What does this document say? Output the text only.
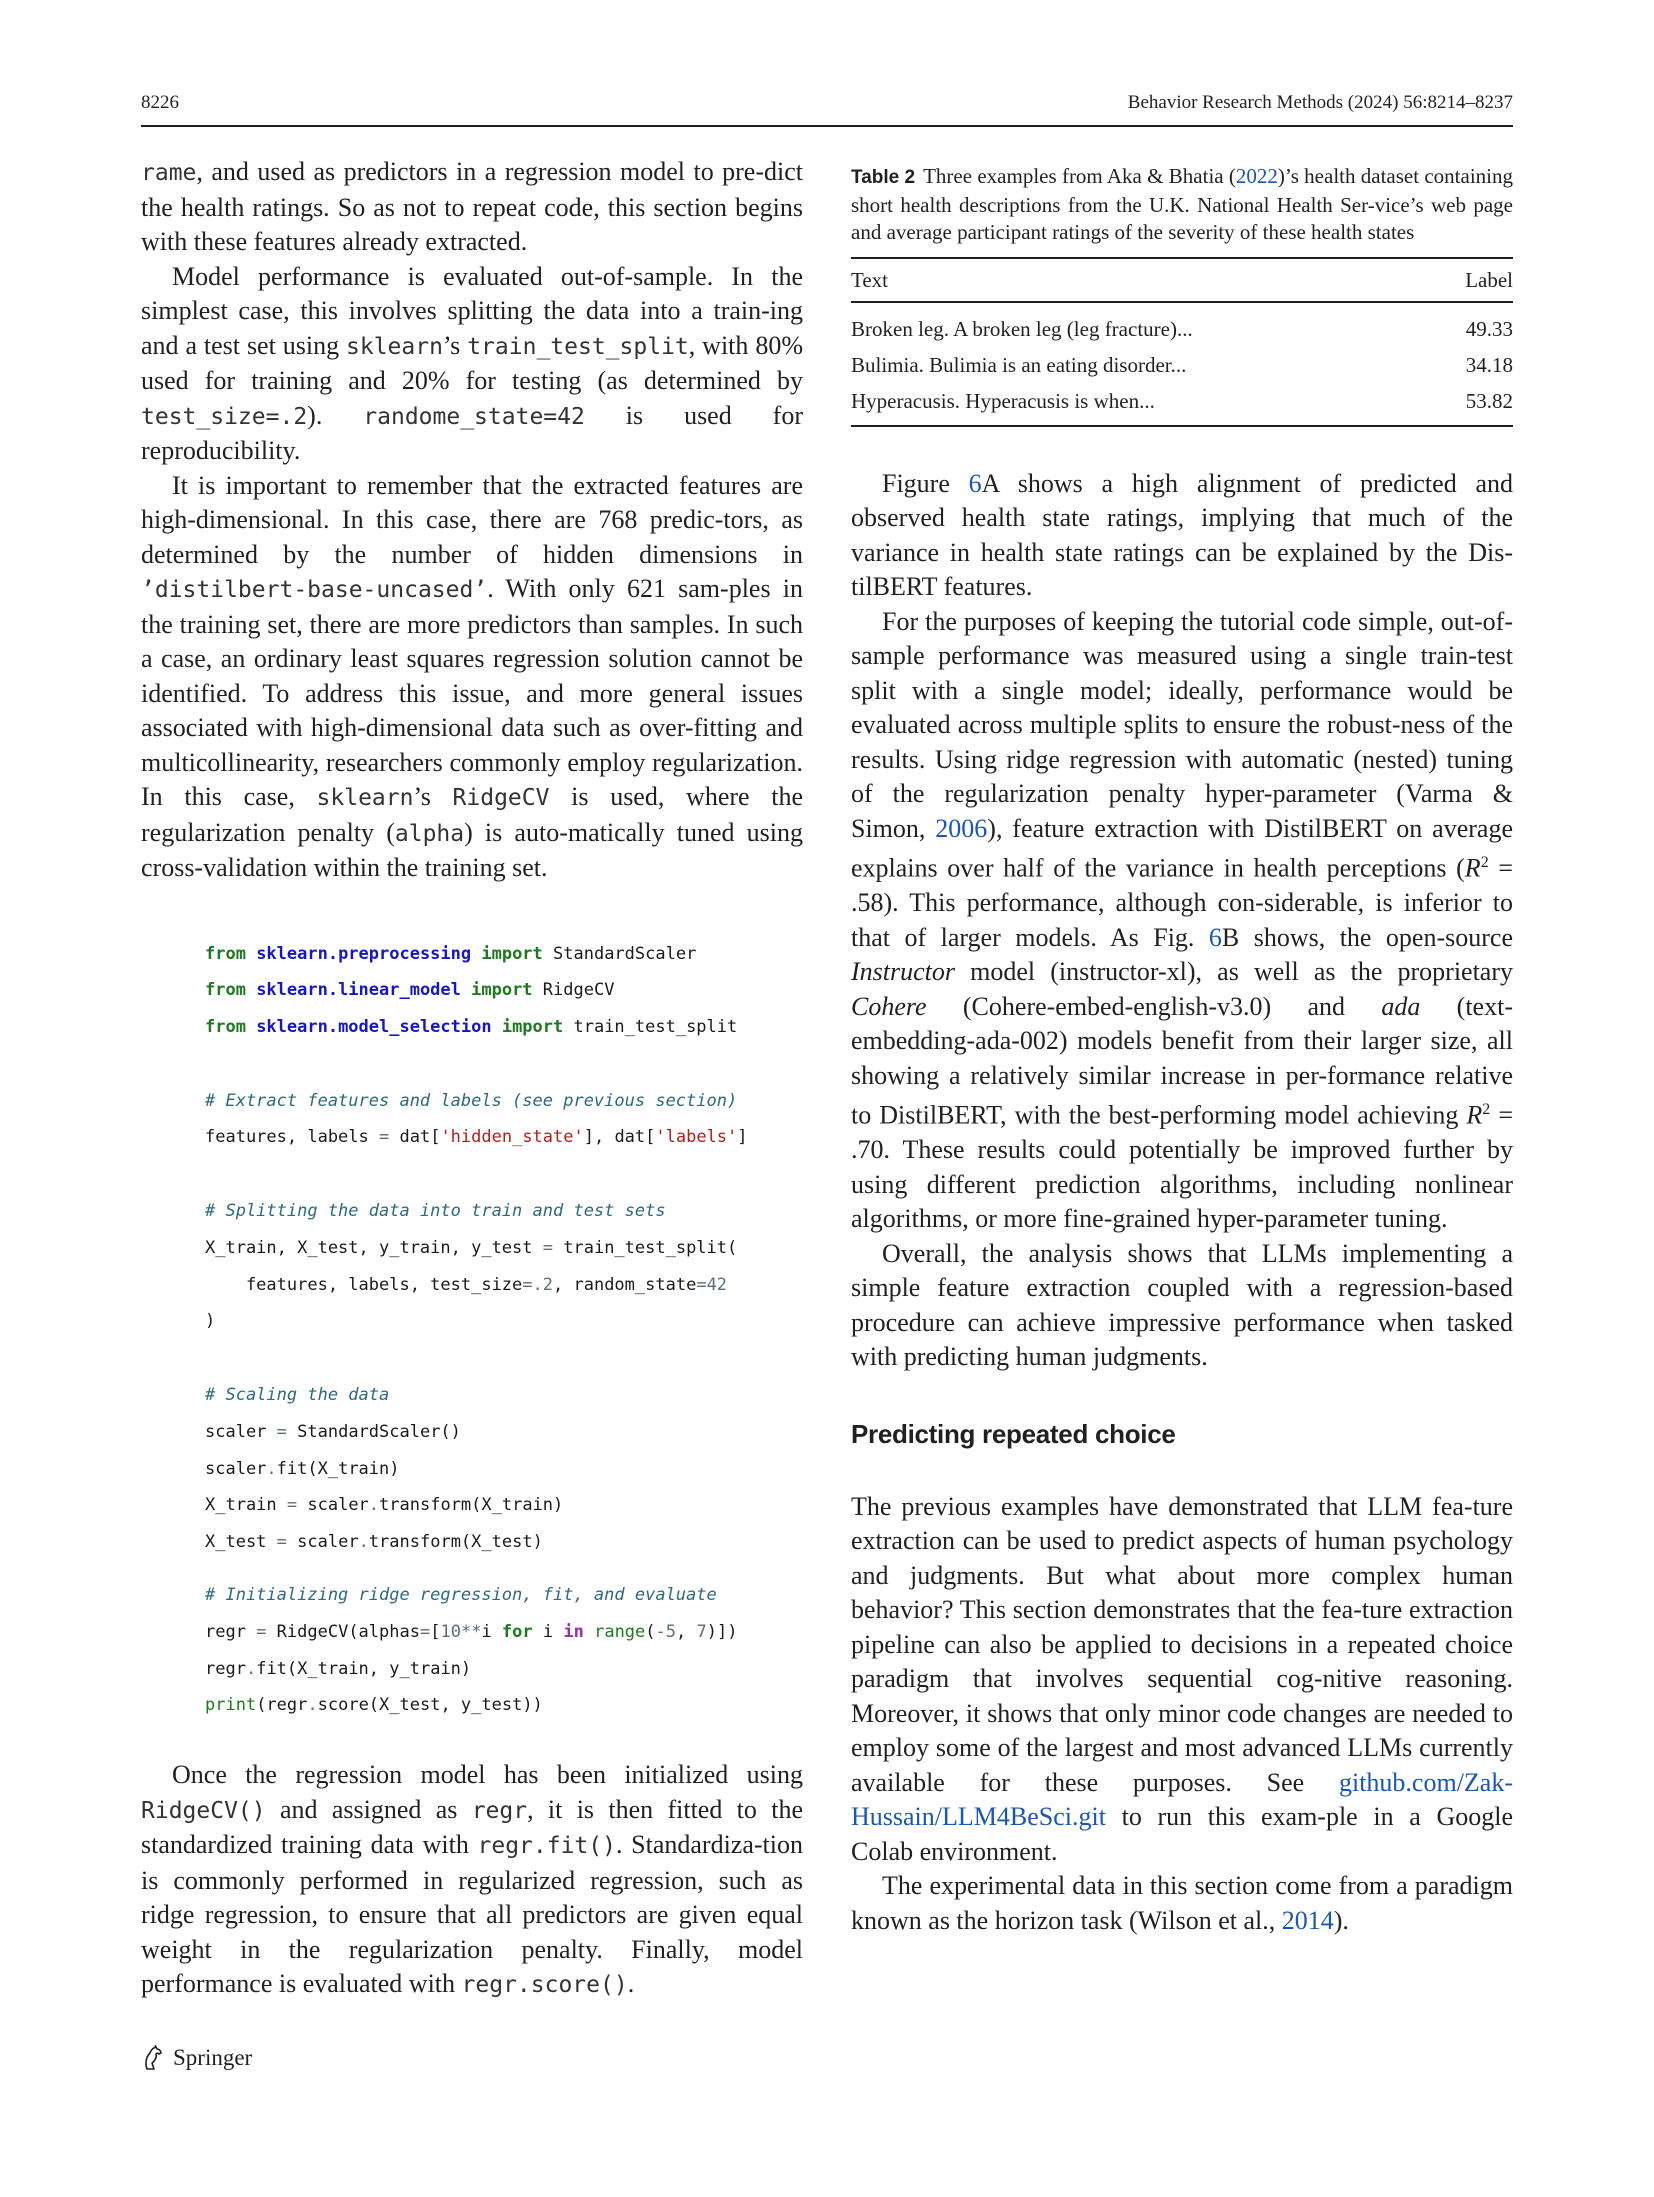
8226	Behavior Research Methods (2024) 56:8214–8237

rame, and used as predictors in a regression model to pre-dict the health ratings. So as not to repeat code, this section begins with these features already extracted.

Model performance is evaluated out-of-sample. In the simplest case, this involves splitting the data into a train-ing and a test set using sklearn’s train_test_split, with 80% used for training and 20% for testing (as determined by test_size=.2). randome_state=42 is used for reproducibility.

It is important to remember that the extracted features are high-dimensional. In this case, there are 768 predic-tors, as determined by the number of hidden dimensions in ’distilbert-base-uncased’. With only 621 sam-ples in the training set, there are more predictors than samples. In such a case, an ordinary least squares regression solution cannot be identified. To address this issue, and more general issues associated with high-dimensional data such as over-fitting and multicollinearity, researchers commonly employ regularization. In this case, sklearn’s RidgeCV is used, where the regularization penalty (alpha) is auto-matically tuned using cross-validation within the training set.

from sklearn.preprocessing import StandardScaler
from sklearn.linear_model import RidgeCV
from sklearn.model_selection import train_test_split
# Extract features and labels (see previous section)
features, labels = dat['hidden_state'], dat['labels']
# Splitting the data into train and test sets
X_train, X_test, y_train, y_test = train_test_split(
features, labels, test_size=.2, random_state=42
)
# Scaling the data
scaler = StandardScaler()
scaler.fit(X_train)
X_train = scaler.transform(X_train)
X_test = scaler.transform(X_test)
# Initializing ridge regression, fit, and evaluate
regr = RidgeCV(alphas=[10**i for i in range(-5, 7)])
regr.fit(X_train, y_train)
print(regr.score(X_test, y_test))

Once the regression model has been initialized using RidgeCV() and assigned as regr, it is then fitted to the standardized training data with regr.fit(). Standardiza-tion is commonly performed in regularized regression, such as ridge regression, to ensure that all predictors are given equal weight in the regularization penalty. Finally, model performance is evaluated with regr.score().

Table 2 Three examples from Aka & Bhatia (2022)’s health dataset containing short health descriptions from the U.K. National Health Ser-vice’s web page and average participant ratings of the severity of these health states

Text	Label
Broken leg. A broken leg (leg fracture)...	49.33
Bulimia. Bulimia is an eating disorder...	34.18
Hyperacusis. Hyperacusis is when...	53.82

Figure 6A shows a high alignment of predicted and observed health state ratings, implying that much of the variance in health state ratings can be explained by the Dis-tilBERT features.

For the purposes of keeping the tutorial code simple, out-of-sample performance was measured using a single train-test split with a single model; ideally, performance would be evaluated across multiple splits to ensure the robust-ness of the results. Using ridge regression with automatic (nested) tuning of the regularization penalty hyper-parameter (Varma & Simon, 2006), feature extraction with DistilBERT on average explains over half of the variance in health perceptions $(R^2 = .58)$. This performance, although con-siderable, is inferior to that of larger models. As Fig. 6B shows, the open-source Instructor model (instructor-xl), as well as the proprietary Cohere (Cohere-embed-english-v3.0) and ada (text-embedding-ada-002) models benefit from their larger size, all showing a relatively similar increase in per-formance relative to DistilBERT, with the best-performing model achieving $R^2 = .70$. These results could potentially be improved further by using different prediction algorithms, including nonlinear algorithms, or more fine-grained hyper-parameter tuning.

Overall, the analysis shows that LLMs implementing a simple feature extraction coupled with a regression-based procedure can achieve impressive performance when tasked with predicting human judgments.

Predicting repeated choice

The previous examples have demonstrated that LLM fea-ture extraction can be used to predict aspects of human psychology and judgments. But what about more complex human behavior? This section demonstrates that the fea-ture extraction pipeline can also be applied to decisions in a repeated choice paradigm that involves sequential cog-nitive reasoning. Moreover, it shows that only minor code changes are needed to employ some of the largest and most advanced LLMs currently available for these purposes. See github.com/Zak-Hussain/LLM4BeSci.git to run this exam-ple in a Google Colab environment.

The experimental data in this section come from a paradigm known as the horizon task (Wilson et al., 2014).

Springer
